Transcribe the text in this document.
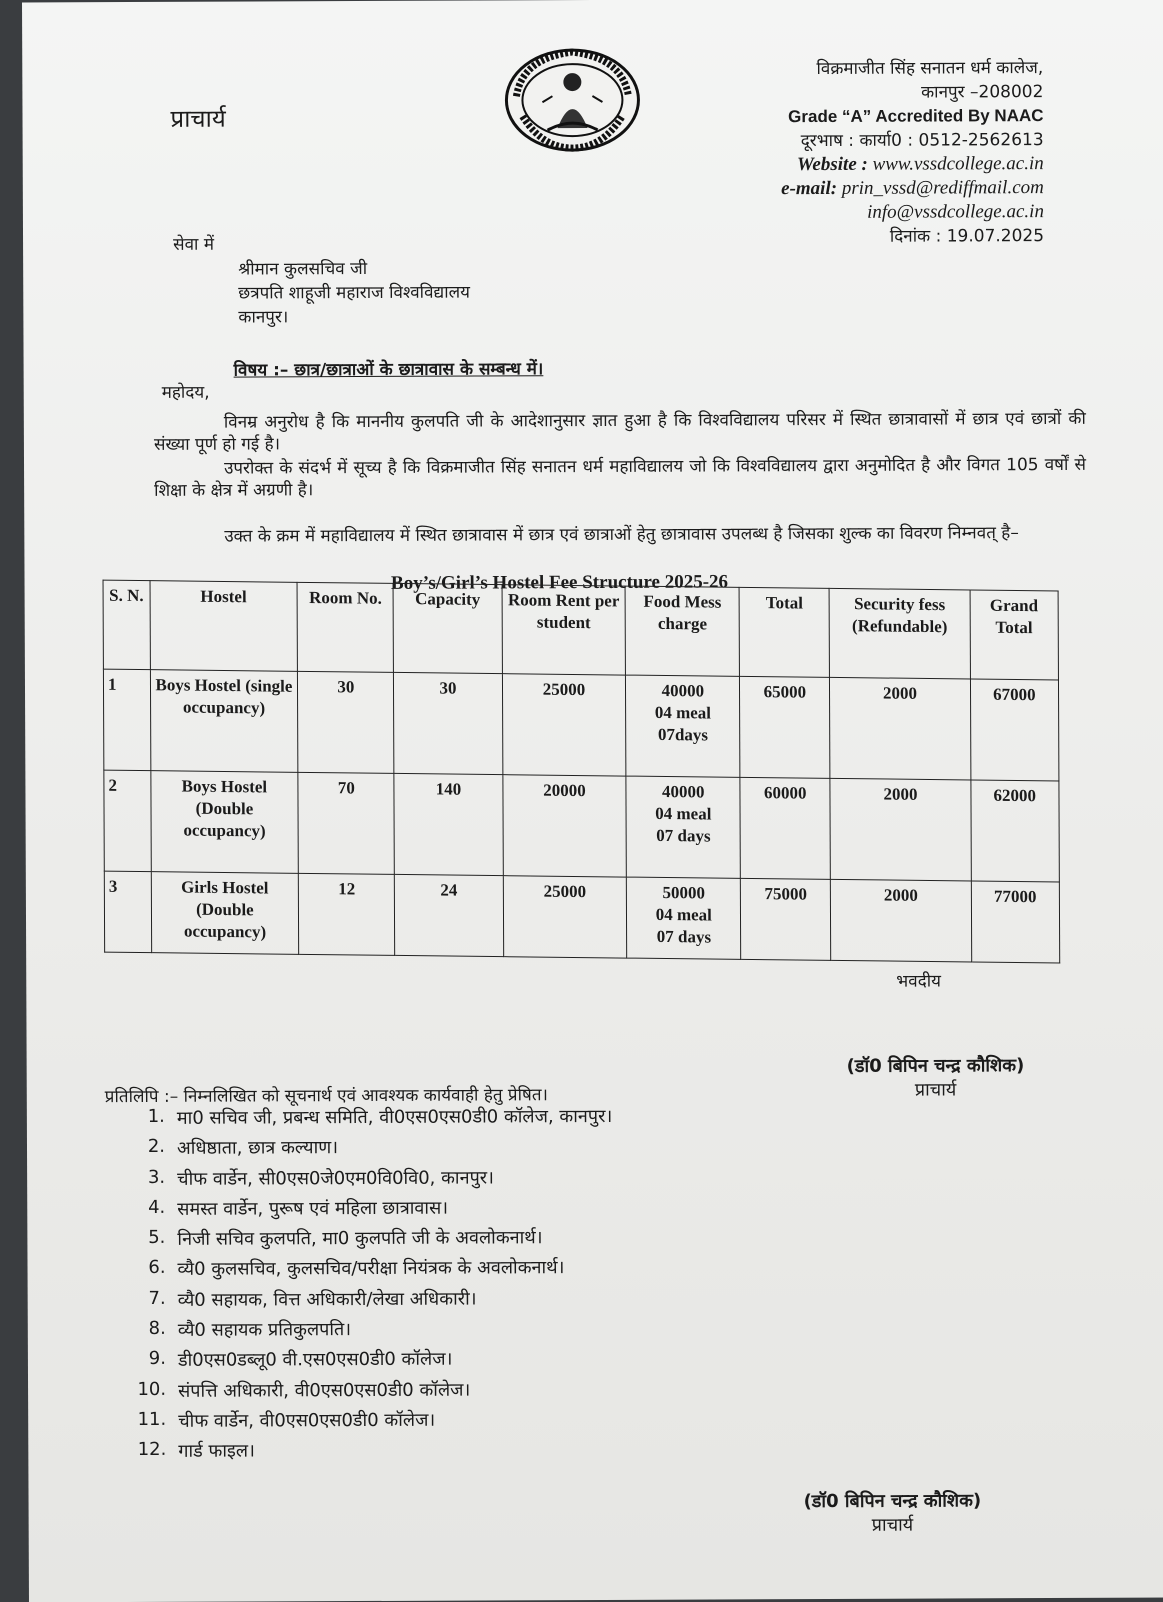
प्राचार्य
विक्रमाजीत सिंह सनातन धर्म कालेज,
कानपुर –208002
Grade “A” Accredited By NAAC
दूरभाष : कार्या0 : 0512-2562613
Website : www.vssdcollege.ac.in
e-mail: prin_vssd@rediffmail.com
info@vssdcollege.ac.in
दिनांक : 19.07.2025
सेवा में
श्रीमान कुलसचिव जी
छत्रपति शाहूजी महाराज विश्वविद्यालय
कानपुर।
विषय :– छात्र/छात्राओं के छात्रावास के सम्बन्ध में।
महोदय,
विनम्र अनुरोध है कि माननीय कुलपति जी के आदेशानुसार ज्ञात हुआ है कि विश्वविद्यालय परिसर में स्थित छात्रावासों में छात्र एवं छात्रों की संख्या पूर्ण हो गई है।
उपरोक्त के संदर्भ में सूच्य है कि विक्रमाजीत सिंह सनातन धर्म महाविद्यालय जो कि विश्वविद्यालय द्वारा अनुमोदित है और विगत 105 वर्षों से शिक्षा के क्षेत्र में अग्रणी है।
उक्त के क्रम में महाविद्यालय में स्थित छात्रावास में छात्र एवं छात्राओं हेतु छात्रावास उपलब्ध है जिसका शुल्क का विवरण निम्नवत् है–
Boy’s/Girl’s Hostel Fee Structure 2025-26
S. N.	Hostel	Room No.	Capacity	Room Rent per student	Food Mess charge	Total	Security fess (Refundable)	Grand Total
1	Boys Hostel (single occupancy)	30	30	25000	40000
04 meal
07days	65000	2000	67000
2	Boys Hostel (Double occupancy)	70	140	20000	40000
04 meal
07 days	60000	2000	62000
3	Girls Hostel (Double occupancy)	12	24	25000	50000
04 meal
07 days	75000	2000	77000
भवदीय
(डॉ0 बिपिन चन्द्र कौशिक)
प्राचार्य
प्रतिलिपि :– निम्नलिखित को सूचनार्थ एवं आवश्यक कार्यवाही हेतु प्रेषित।
1. मा0 सचिव जी, प्रबन्ध समिति, वी0एस0एस0डी0 कॉलेज, कानपुर।
2. अधिष्ठाता, छात्र कल्याण।
3. चीफ वार्डेन, सी0एस0जे0एम0वि0वि0, कानपुर।
4. समस्त वार्डेन, पुरूष एवं महिला छात्रावास।
5. निजी सचिव कुलपति, मा0 कुलपति जी के अवलोकनार्थ।
6. व्यै0 कुलसचिव, कुलसचिव/परीक्षा नियंत्रक के अवलोकनार्थ।
7. व्यै0 सहायक, वित्त अधिकारी/लेखा अधिकारी।
8. व्यै0 सहायक प्रतिकुलपति।
9. डी0एस0डब्लू0 वी.एस0एस0डी0 कॉलेज।
10. संपत्ति अधिकारी, वी0एस0एस0डी0 कॉलेज।
11. चीफ वार्डेन, वी0एस0एस0डी0 कॉलेज।
12. गार्ड फाइल।
(डॉ0 बिपिन चन्द्र कौशिक)
प्राचार्य
